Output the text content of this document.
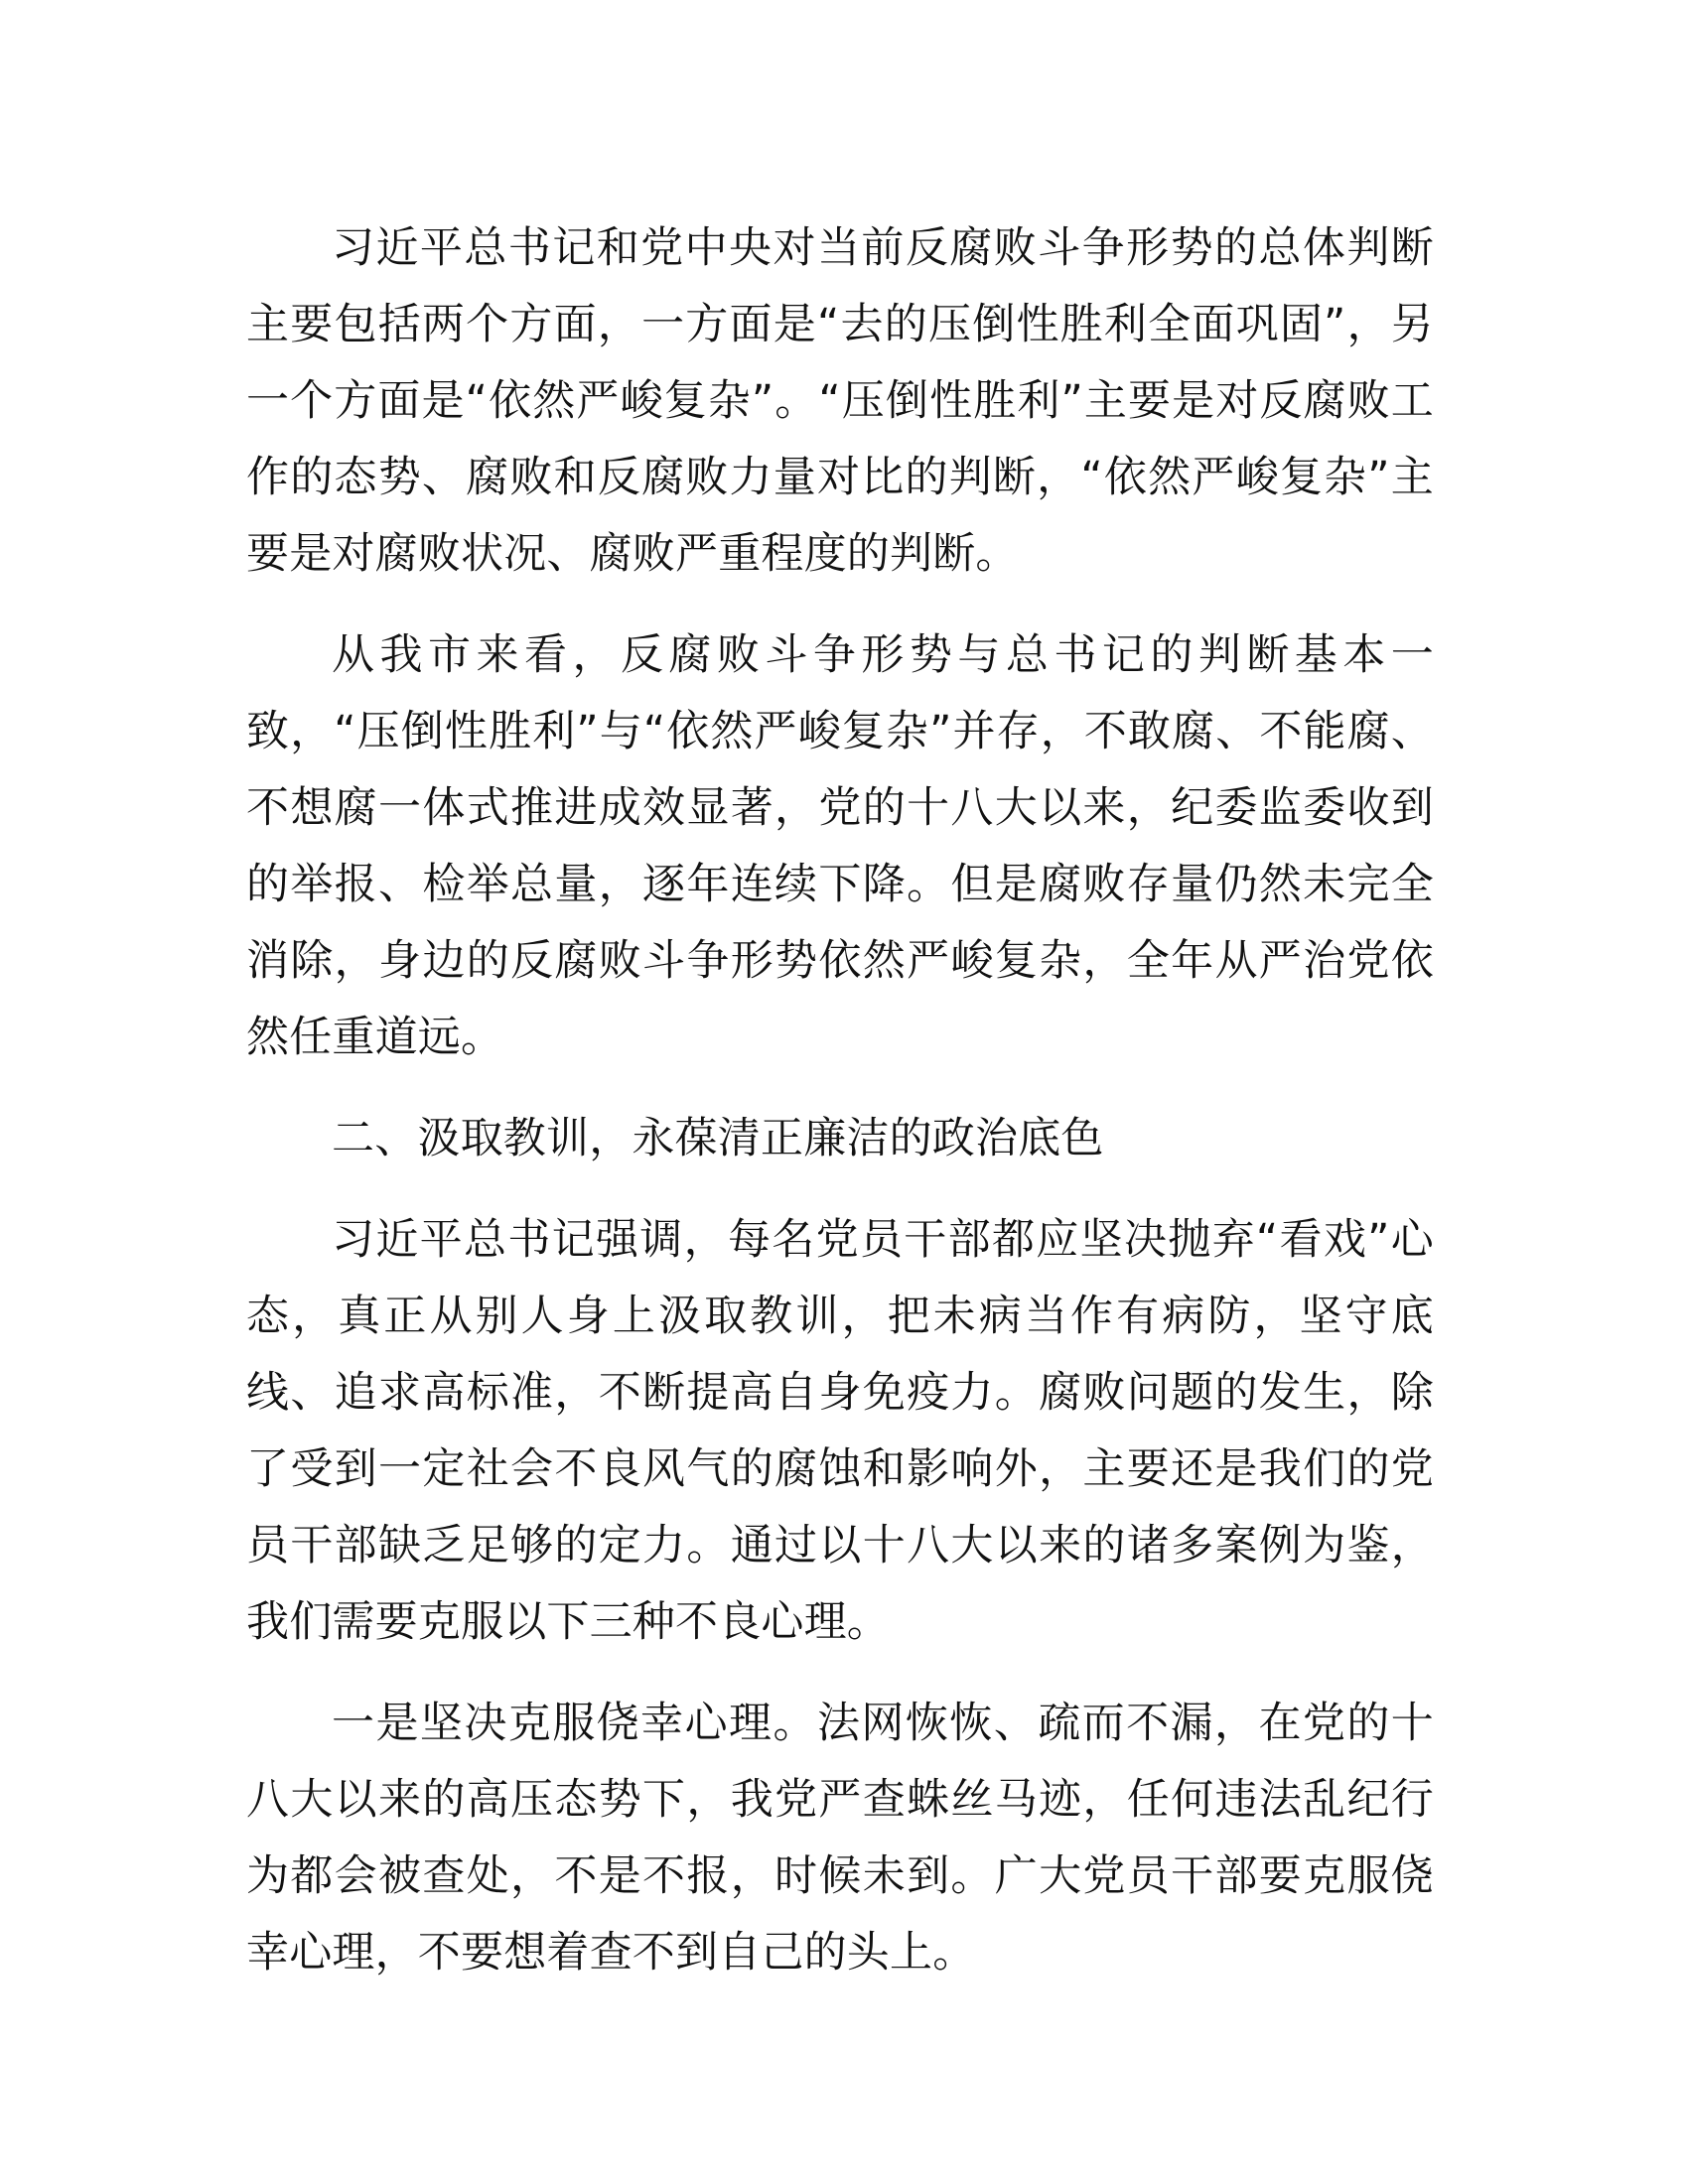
习近平总书记和党中央对当前反腐败斗争形势的总体判断主要包括两个方面，一方面是“去的压倒性胜利全面巩固”，另一个方面是“依然严峻复杂”。“压倒性胜利”主要是对反腐败工作的态势、腐败和反腐败力量对比的判断，“依然严峻复杂”主要是对腐败状况、腐败严重程度的判断。

从我市来看，反腐败斗争形势与总书记的判断基本一致，“压倒性胜利”与“依然严峻复杂”并存，不敢腐、不能腐、不想腐一体式推进成效显著，党的十八大以来，纪委监委收到的举报、检举总量，逐年连续下降。但是腐败存量仍然未完全消除，身边的反腐败斗争形势依然严峻复杂，全年从严治党依然任重道远。

二、汲取教训，永葆清正廉洁的政治底色

习近平总书记强调，每名党员干部都应坚决抛弃“看戏”心态，真正从别人身上汲取教训，把未病当作有病防，坚守底线、追求高标准，不断提高自身免疫力。腐败问题的发生，除了受到一定社会不良风气的腐蚀和影响外，主要还是我们的党员干部缺乏足够的定力。通过以十八大以来的诸多案例为鉴，我们需要克服以下三种不良心理。

一是坚决克服侥幸心理。法网恢恢、疏而不漏，在党的十八大以来的高压态势下，我党严查蛛丝马迹，任何违法乱纪行为都会被查处，不是不报，时候未到。广大党员干部要克服侥幸心理，不要想着查不到自己的头上。
